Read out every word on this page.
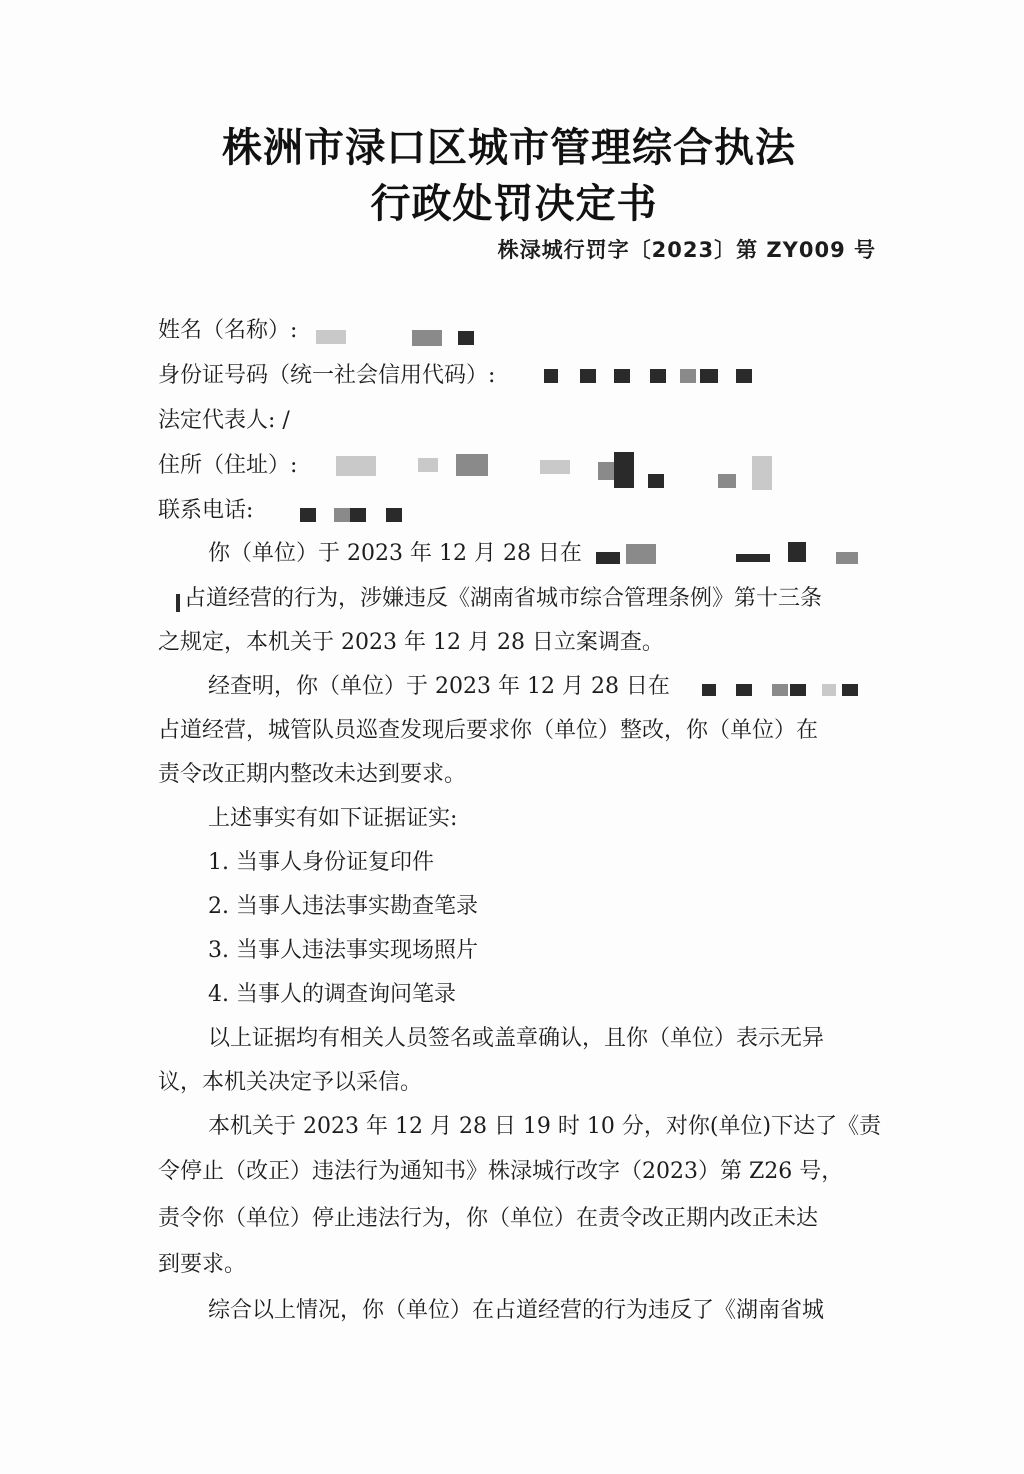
株洲市渌口区城市管理综合执法
行政处罚决定书
株渌城行罚字〔2023〕第 ZY009 号
姓名（名称）:
身份证号码（统一社会信用代码）:
法定代表人: /
住所（住址）:
联系电话:
你（单位）于 2023 年 12 月 28 日在
占道经营的行为，涉嫌违反《湖南省城市综合管理条例》第十三条
之规定，本机关于 2023 年 12 月 28 日立案调查。
经查明，你（单位）于 2023 年 12 月 28 日在
占道经营，城管队员巡查发现后要求你（单位）整改，你（单位）在
责令改正期内整改未达到要求。
上述事实有如下证据证实:
1. 当事人身份证复印件
2. 当事人违法事实勘查笔录
3. 当事人违法事实现场照片
4. 当事人的调查询问笔录
以上证据均有相关人员签名或盖章确认，且你（单位）表示无异
议，本机关决定予以采信。
本机关于 2023 年 12 月 28 日 19 时 10 分，对你(单位)下达了《责
令停止（改正）违法行为通知书》株渌城行改字（2023）第 Z26 号，
责令你（单位）停止违法行为，你（单位）在责令改正期内改正未达
到要求。
综合以上情况，你（单位）在占道经营的行为违反了《湖南省城
